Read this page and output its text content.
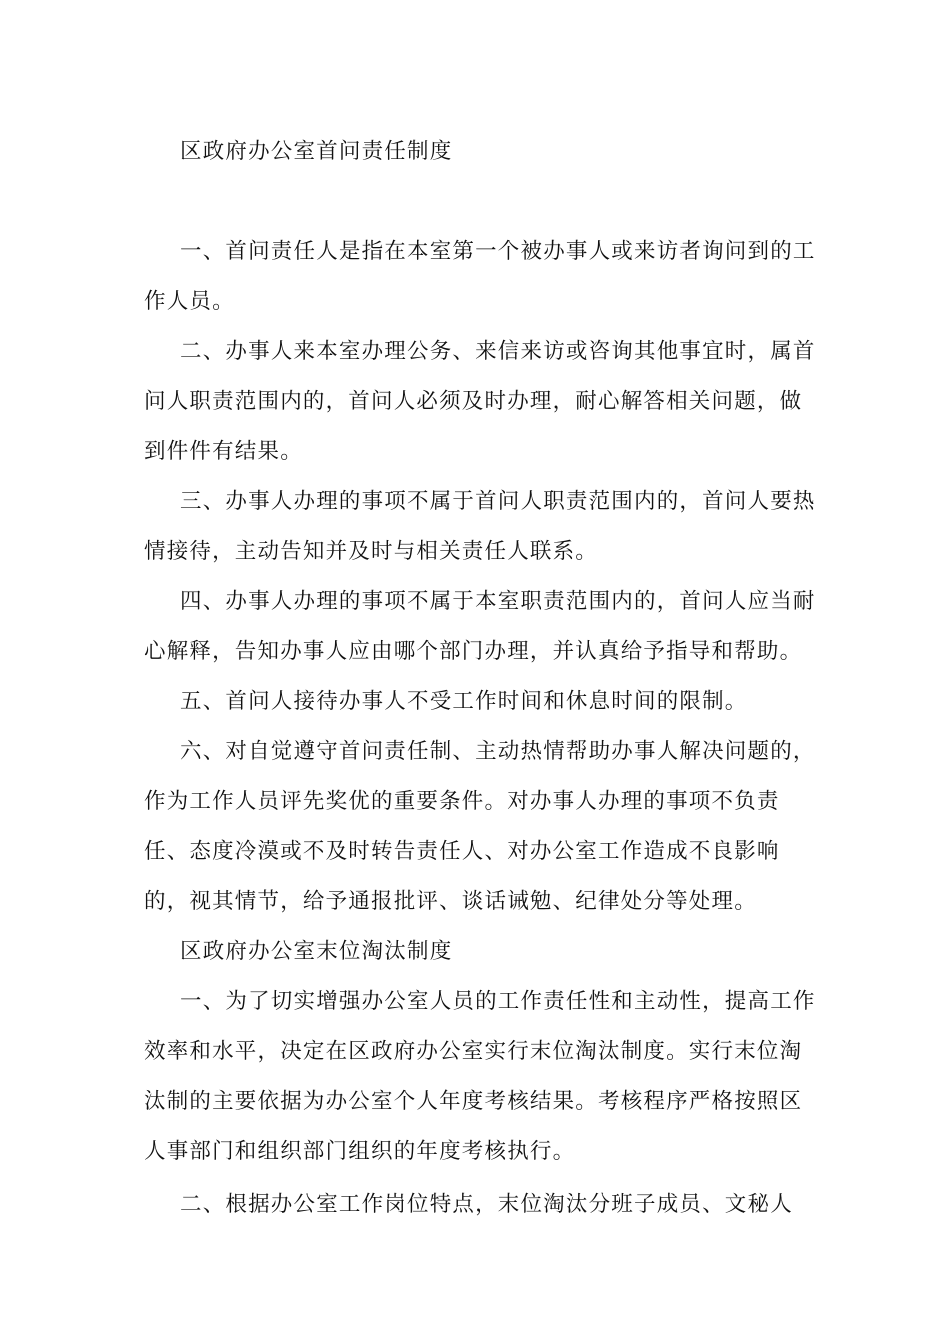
区政府办公室首问责任制度

一、首问责任人是指在本室第一个被办事人或来访者询问到的工

作人员。

二、办事人来本室办理公务、来信来访或咨询其他事宜时，属首

问人职责范围内的，首问人必须及时办理，耐心解答相关问题，做

到件件有结果。

三、办事人办理的事项不属于首问人职责范围内的，首问人要热

情接待，主动告知并及时与相关责任人联系。

四、办事人办理的事项不属于本室职责范围内的，首问人应当耐

心解释，告知办事人应由哪个部门办理，并认真给予指导和帮助。

五、首问人接待办事人不受工作时间和休息时间的限制。

六、对自觉遵守首问责任制、主动热情帮助办事人解决问题的，

作为工作人员评先奖优的重要条件。对办事人办理的事项不负责

任、态度冷漠或不及时转告责任人、对办公室工作造成不良影响

的，视其情节，给予通报批评、谈话诫勉、纪律处分等处理。

区政府办公室末位淘汰制度

一、为了切实增强办公室人员的工作责任性和主动性，提高工作

效率和水平，决定在区政府办公室实行末位淘汰制度。实行末位淘

汰制的主要依据为办公室个人年度考核结果。考核程序严格按照区

人事部门和组织部门组织的年度考核执行。

二、根据办公室工作岗位特点，末位淘汰分班子成员、文秘人
